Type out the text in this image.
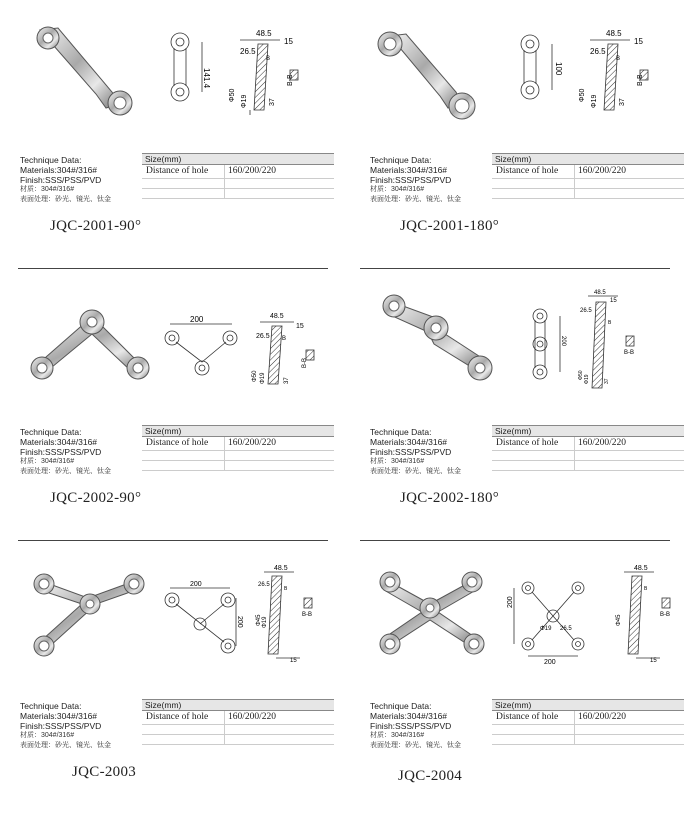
141.4
48.5
15
26.5
Φ50 Φ19	37
B-B
B
Technique Data:
Materials:304#/316#
Finish:SSS/PSS/PVD
材质：304#/316#
表面处理：砂光、镜光、钛金
Size(mm)
Distance of hole 160/200/220
JQC-2001-90°
100
48.5
15
26.5
Φ50 Φ19	37
B-B
B
Technique Data:
Materials:304#/316#
Finish:SSS/PSS/PVD
材质：304#/316#
表面处理：砂光、镜光、钛金
Size(mm)
Distance of hole 160/200/220
JQC-2001-180°
200	48.5
15
26.5
Φ50 Φ19	37
B-B
B
Technique Data:
Materials:304#/316#
Finish:SSS/PSS/PVD
材质：304#/316#
表面处理：砂光、镜光、钛金
Size(mm)
Distance of hole 160/200/220
JQC-2002-90°
200
48.5
15
26.5
Φ50 Φ19	37
B-B
B
Technique Data:
Materials:304#/316#
Finish:SSS/PSS/PVD
材质：304#/316#
表面处理：砂光、镜光、钛金
Size(mm)
Distance of hole 160/200/220
JQC-2002-180°
200
200
48.5
15
26.5
Φ45 Φ19
B-B
B
Technique Data:
Materials:304#/316#
Finish:SSS/PSS/PVD
材质：304#/316#
表面处理：砂光、镜光、钛金
Size(mm)
Distance of hole 160/200/220
JQC-2003
200
200
Φ19 26.5
48.5
15
Φ45	B-B
B
Technique Data:
Materials:304#/316#
Finish:SSS/PSS/PVD
材质：304#/316#
表面处理：砂光、镜光、钛金
Size(mm)
Distance of hole 160/200/220
JQC-2004
